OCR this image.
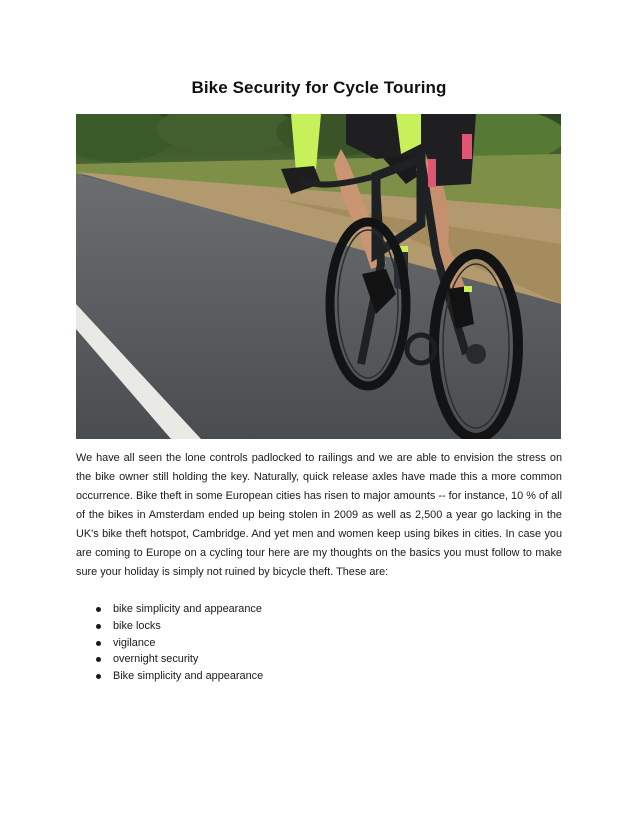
Bike Security for Cycle Touring
We have all seen the lone controls padlocked to railings and we are able to envision the stress on the bike owner still holding the key. Naturally, quick release axles have made this a more common occurrence. Bike theft in some European cities has risen to major amounts -- for instance, 10 % of all of the bikes in Amsterdam ended up being stolen in 2009 as well as 2,500 a year go lacking in the UK's bike theft hotspot, Cambridge. And yet men and women keep using bikes in cities. In case you are coming to Europe on a cycling tour here are my thoughts on the basics you must follow to make sure your holiday is simply not ruined by bicycle theft. These are:
bike simplicity and appearance
bike locks
vigilance
overnight security
Bike simplicity and appearance
